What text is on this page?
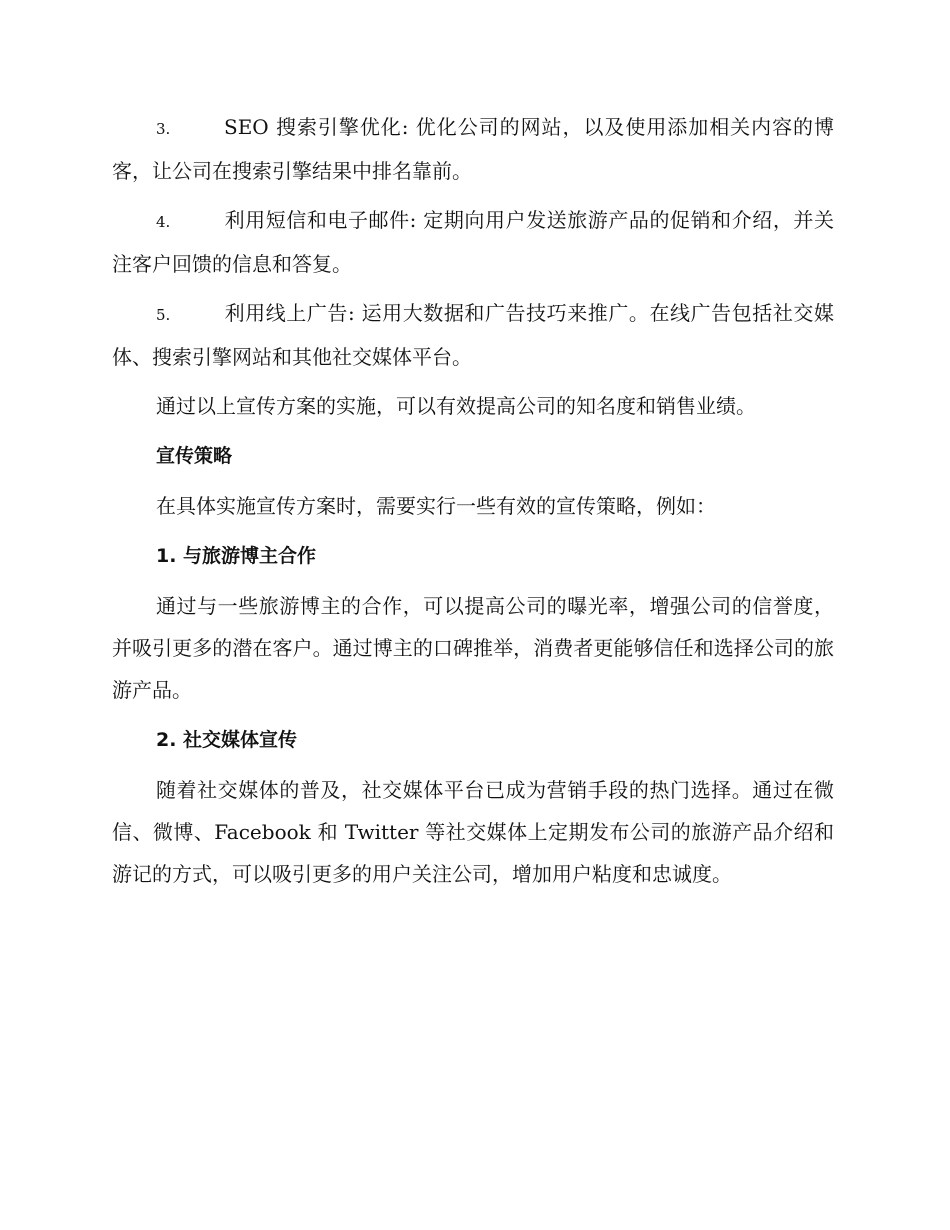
3.	SEO 搜索引擎优化: 优化公司的网站，以及使用添加相关内容的博客，让公司在搜索引擎结果中排名靠前。

4.	利用短信和电子邮件: 定期向用户发送旅游产品的促销和介绍，并关注客户回馈的信息和答复。

5.	利用线上广告: 运用大数据和广告技巧来推广。在线广告包括社交媒体、搜索引擎网站和其他社交媒体平台。

通过以上宣传方案的实施，可以有效提高公司的知名度和销售业绩。

宣传策略

在具体实施宣传方案时，需要实行一些有效的宣传策略，例如：

1. 与旅游博主合作

通过与一些旅游博主的合作，可以提高公司的曝光率，增强公司的信誉度，并吸引更多的潜在客户。通过博主的口碑推举，消费者更能够信任和选择公司的旅游产品。

2. 社交媒体宣传

随着社交媒体的普及，社交媒体平台已成为营销手段的热门选择。通过在微信、微博、Facebook 和 Twitter 等社交媒体上定期发布公司的旅游产品介绍和游记的方式，可以吸引更多的用户关注公司，增加用户粘度和忠诚度。
